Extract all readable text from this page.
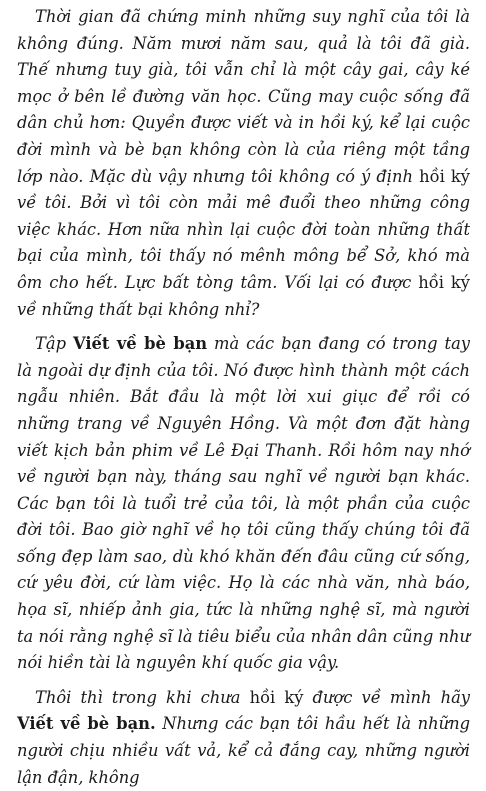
Thời gian đã chứng minh những suy nghĩ của tôi là không đúng. Năm mươi năm sau, quả là tôi đã già. Thế nhưng tuy già, tôi vẫn chỉ là một cây gai, cây ké mọc ở bên lề đường văn học. Cũng may cuộc sống đã dân chủ hơn: Quyền được viết và in hồi ký, kể lại cuộc đời mình và bè bạn không còn là của riêng một tầng lớp nào. Mặc dù vậy nhưng tôi không có ý định hồi ký về tôi. Bởi vì tôi còn mải mê đuổi theo những công việc khác. Hơn nữa nhìn lại cuộc đời toàn những thất bại của mình, tôi thấy nó mênh mông bể Sở, khó mà ôm cho hết. Lực bất tòng tâm. Vối lại có được hồi ký về những thất bại không nhỉ?

Tập Viết về bè bạn mà các bạn đang có trong tay là ngoài dự định của tôi. Nó được hình thành một cách ngẫu nhiên. Bắt đầu là một lời xui giục để rồi có những trang về Nguyên Hồng. Và một đơn đặt hàng viết kịch bản phim về Lê Đại Thanh. Rồi hôm nay nhớ về người bạn này, tháng sau nghĩ về người bạn khác. Các bạn tôi là tuổi trẻ của tôi, là một phần của cuộc đời tôi. Bao giờ nghĩ về họ tôi cũng thấy chúng tôi đã sống đẹp làm sao, dù khó khăn đến đâu cũng cứ sống, cứ yêu đời, cứ làm việc. Họ là các nhà văn, nhà báo, họa sĩ, nhiếp ảnh gia, tức là những nghệ sĩ, mà người ta nói rằng nghệ sĩ là tiêu biểu của nhân dân cũng như nói hiền tài là nguyên khí quốc gia vậy.

Thôi thì trong khi chưa hồi ký được về mình hãy Viết về bè bạn. Nhưng các bạn tôi hầu hết là những người chịu nhiều vất vả, kể cả đắng cay, những người lận đận, không
